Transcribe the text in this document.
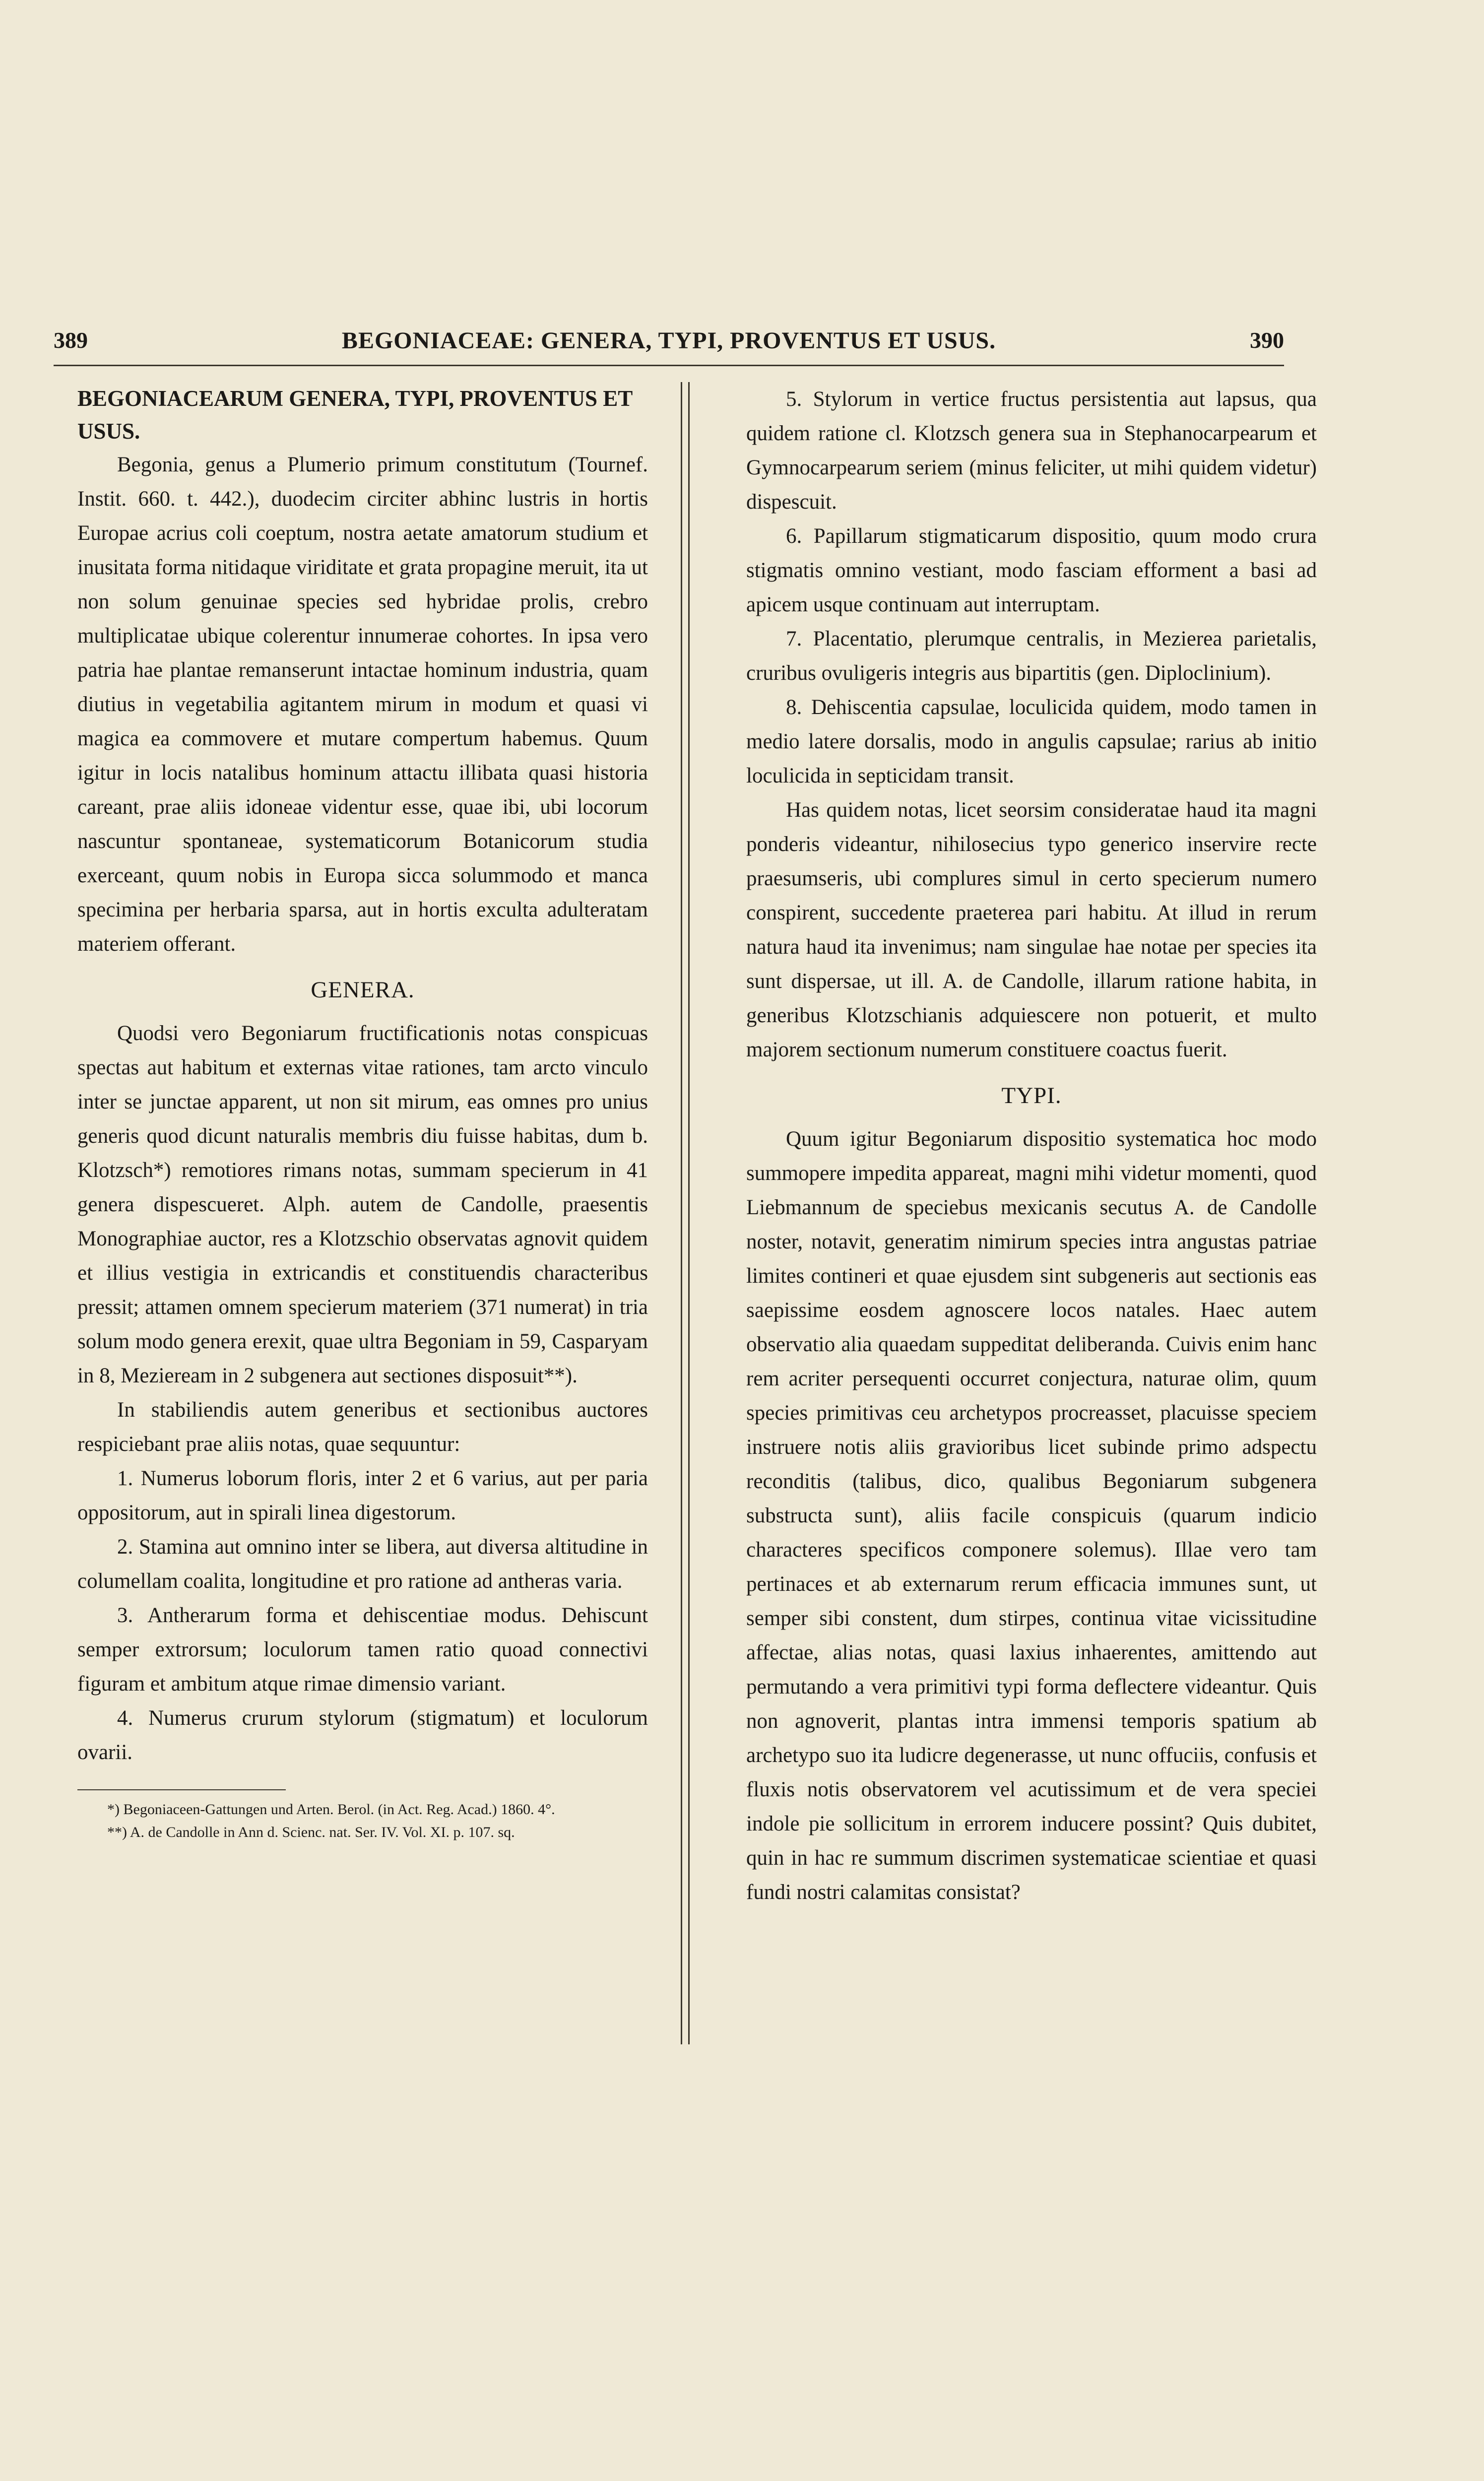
389	BEGONIACEAE: GENERA, TYPI, PROVENTUS ET USUS.	390
BEGONIACEARUM GENERA, TYPI, PROVENTUS ET USUS.

Begonia, genus a Plumerio primum constitutum (Tournef. Instit. 660. t. 442.), duodecim circiter abhinc lustris in hortis Europae acrius coli coeptum, nostra aetate amatorum studium et inusitata forma nitidaque viriditate et grata propagine meruit, ita ut non solum genuinae species sed hybridae prolis, crebro multiplicatae ubique colerentur innumerae cohortes. In ipsa vero patria hae plantae remanserunt intactae hominum industria, quam diutius in vegetabilia agitantem mirum in modum et quasi vi magica ea commovere et mutare compertum habemus. Quum igitur in locis natalibus hominum attactu illibata quasi historia careant, prae aliis idoneae videntur esse, quae ibi, ubi locorum nascuntur spontaneae, systematicorum Botanicorum studia exerceant, quum nobis in Europa sicca solummodo et manca specimina per herbaria sparsa, aut in hortis exculta adulteratam materiem offerant.

GENERA.

Quodsi vero Begoniarum fructificationis notas conspicuas spectas aut habitum et externas vitae rationes, tam arcto vinculo inter se junctae apparent, ut non sit mirum, eas omnes pro unius generis quod dicunt naturalis membris diu fuisse habitas, dum b. Klotzsch*) remotiores rimans notas, summam specierum in 41 genera dispescueret. Alph. autem de Candolle, praesentis Monographiae auctor, res a Klotzschio observatas agnovit quidem et illius vestigia in extricandis et constituendis characteribus pressit; attamen omnem specierum materiem (371 numerat) in tria solum modo genera erexit, quae ultra Begoniam in 59, Casparyam in 8, Mezieream in 2 subgenera aut sectiones disposuit**).

In stabiliendis autem generibus et sectionibus auctores respiciebant prae aliis notas, quae sequuntur:

1. Numerus loborum floris, inter 2 et 6 varius, aut per paria oppositorum, aut in spirali linea digestorum.

2. Stamina aut omnino inter se libera, aut diversa altitudine in columellam coalita, longitudine et pro ratione ad antheras varia.

3. Antherarum forma et dehiscentiae modus. Dehiscunt semper extrorsum; loculorum tamen ratio quoad connectivi figuram et ambitum atque rimae dimensio variant.

4. Numerus crurum stylorum (stigmatum) et loculorum ovarii.

*) Begoniaceen-Gattungen und Arten. Berol. (in Act. Reg. Acad.) 1860. 4°.

**) A. de Candolle in Ann d. Scienc. nat. Ser. IV. Vol. XI. p. 107. sq.

5. Stylorum in vertice fructus persistentia aut lapsus, qua quidem ratione cl. Klotzsch genera sua in Stephanocarpearum et Gymnocarpearum seriem (minus feliciter, ut mihi quidem videtur) dispescuit.

6. Papillarum stigmaticarum dispositio, quum modo crura stigmatis omnino vestiant, modo fasciam efforment a basi ad apicem usque continuam aut interruptam.

7. Placentatio, plerumque centralis, in Mezierea parietalis, cruribus ovuligeris integris aus bipartitis (gen. Diploclinium).

8. Dehiscentia capsulae, loculicida quidem, modo tamen in medio latere dorsalis, modo in angulis capsulae; rarius ab initio loculicida in septicidam transit.

Has quidem notas, licet seorsim consideratae haud ita magni ponderis videantur, nihilosecius typo generico inservire recte praesumseris, ubi complures simul in certo specierum numero conspirent, succedente praeterea pari habitu. At illud in rerum natura haud ita invenimus; nam singulae hae notae per species ita sunt dispersae, ut ill. A. de Candolle, illarum ratione habita, in generibus Klotzschianis adquiescere non potuerit, et multo majorem sectionum numerum constituere coactus fuerit.

TYPI.

Quum igitur Begoniarum dispositio systematica hoc modo summopere impedita appareat, magni mihi videtur momenti, quod Liebmannum de speciebus mexicanis secutus A. de Candolle noster, notavit, generatim nimirum species intra angustas patriae limites contineri et quae ejusdem sint subgeneris aut sectionis eas saepissime eosdem agnoscere locos natales. Haec autem observatio alia quaedam suppeditat deliberanda. Cuivis enim hanc rem acriter persequenti occurret conjectura, naturae olim, quum species primitivas ceu archetypos procreasset, placuisse speciem instruere notis aliis gravioribus licet subinde primo adspectu reconditis (talibus, dico, qualibus Begoniarum subgenera substructa sunt), aliis facile conspicuis (quarum indicio characteres specificos componere solemus). Illae vero tam pertinaces et ab externarum rerum efficacia immunes sunt, ut semper sibi constent, dum stirpes, continua vitae vicissitudine affectae, alias notas, quasi laxius inhaerentes, amittendo aut permutando a vera primitivi typi forma deflectere videantur. Quis non agnoverit, plantas intra immensi temporis spatium ab archetypo suo ita ludicre degenerasse, ut nunc offuciis, confusis et fluxis notis observatorem vel acutissimum et de vera speciei indole pie sollicitum in errorem inducere possint? Quis dubitet, quin in hac re summum discrimen systematicae scientiae et quasi fundi nostri calamitas consistat?
